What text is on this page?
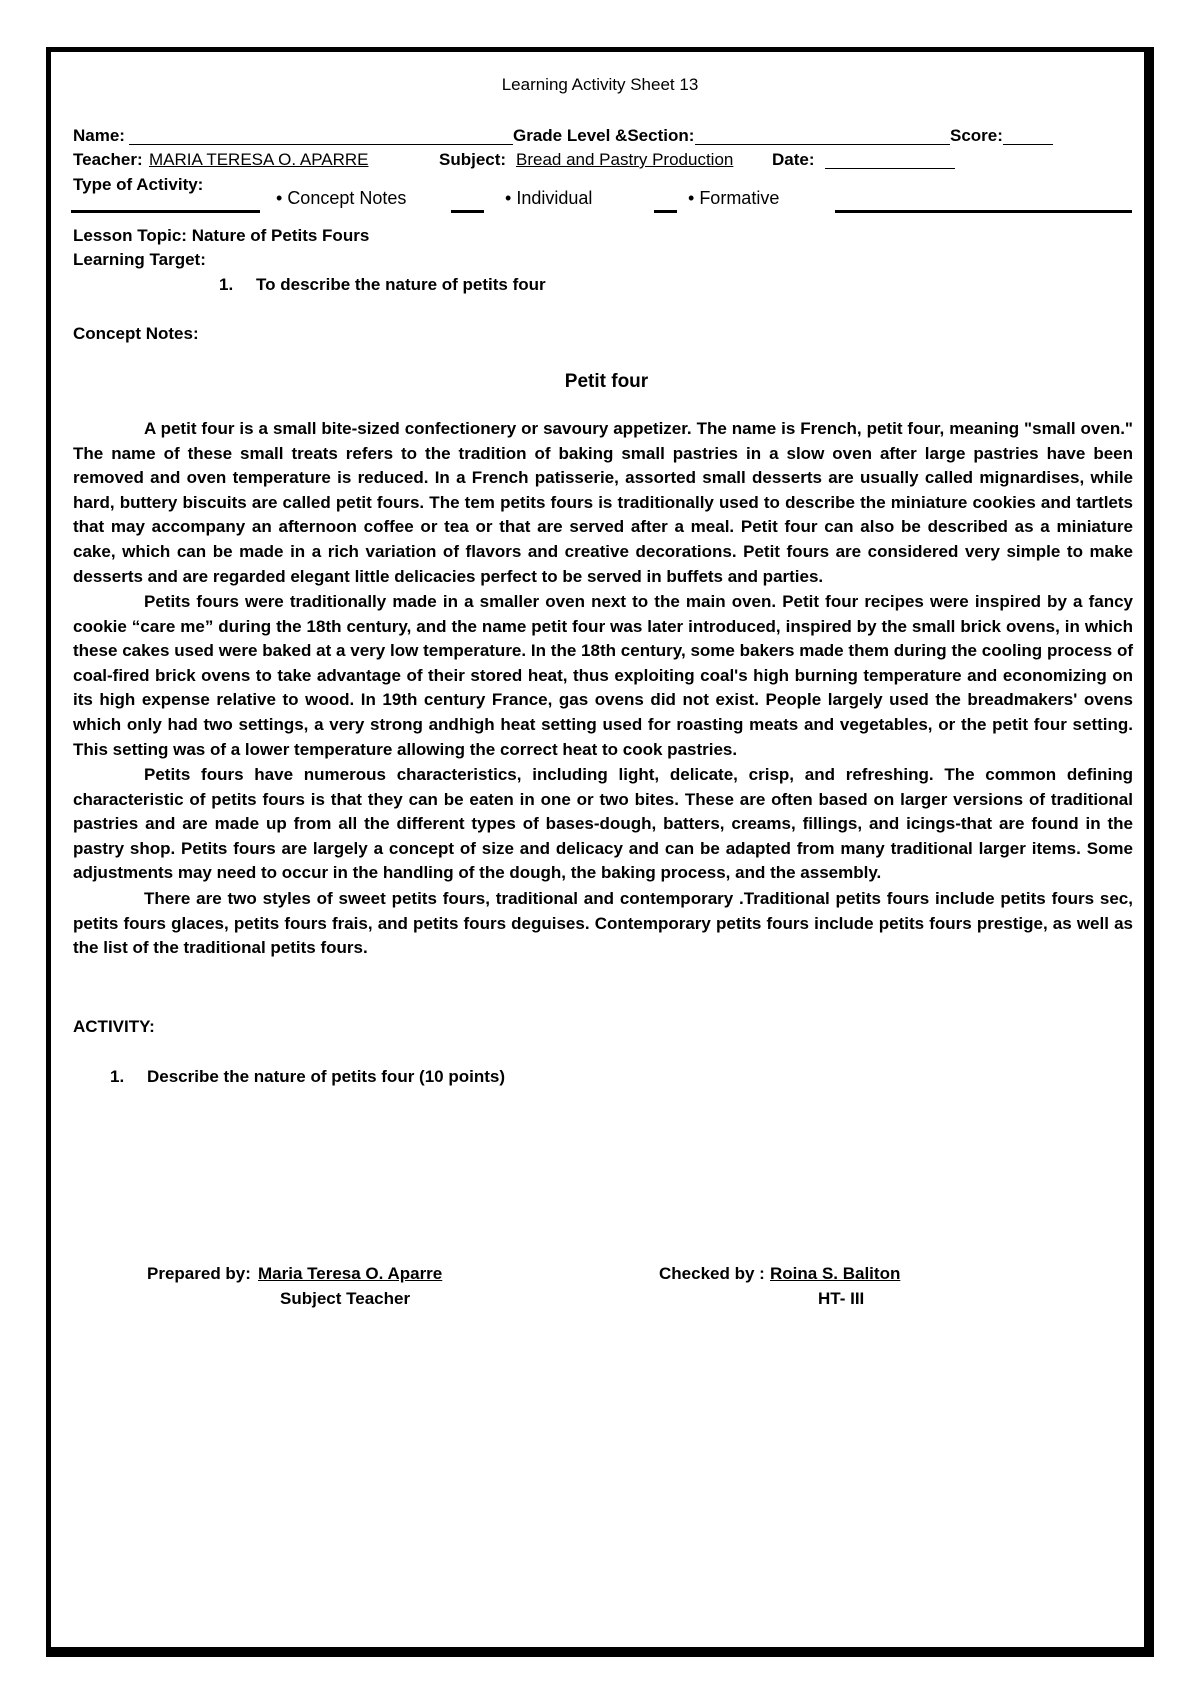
Learning Activity Sheet 13
Name:	Grade Level &Section:	Score:
Teacher: MARIA TERESA O. APARRE	Subject: Bread and Pastry Production Date:
Type of Activity:
• Concept Notes	• Individual	• Formative
Lesson Topic: Nature of Petits Fours
Learning Target:
1. To describe the nature of petits four
Concept Notes:
Petit four

A petit four is a small bite-sized confectionery or savoury appetizer. The name is French, petit four, meaning "small oven." The name of these small treats refers to the tradition of baking small pastries in a slow oven after large pastries have been removed and oven temperature is reduced. In a French patisserie, assorted small desserts are usually called mignardises, while hard, buttery biscuits are called petit fours. The tem petits fours is traditionally used to describe the miniature cookies and tartlets that may accompany an afternoon coffee or tea or that are served after a meal. Petit four can also be described as a miniature cake, which can be made in a rich variation of flavors and creative decorations. Petit fours are considered very simple to make desserts and are regarded elegant little delicacies perfect to be served in buffets and parties.

Petits fours were traditionally made in a smaller oven next to the main oven. Petit four recipes were inspired by a fancy cookie “care me” during the 18th century, and the name petit four was later introduced, inspired by the small brick ovens, in which these cakes used were baked at a very low temperature. In the 18th century, some bakers made them during the cooling process of coal-fired brick ovens to take advantage of their stored heat, thus exploiting coal's high burning temperature and economizing on its high expense relative to wood. In 19th century France, gas ovens did not exist. People largely used the breadmakers' ovens which only had two settings, a very strong andhigh heat setting used for roasting meats and vegetables, or the petit four setting. This setting was of a lower temperature allowing the correct heat to cook pastries.

Petits fours have numerous characteristics, including light, delicate, crisp, and refreshing. The common defining characteristic of petits fours is that they can be eaten in one or two bites. These are often based on larger versions of traditional pastries and are made up from all the different types of bases-dough, batters, creams, fillings, and icings-that are found in the pastry shop. Petits fours are largely a concept of size and delicacy and can be adapted from many traditional larger items. Some adjustments may need to occur in the handling of the dough, the baking process, and the assembly.

There are two styles of sweet petits fours, traditional and contemporary .Traditional petits fours include petits fours sec, petits fours glaces, petits fours frais, and petits fours deguises. Contemporary petits fours include petits fours prestige, as well as the list of the traditional petits fours.

ACTIVITY:
1. Describe the nature of petits four (10 points)
Prepared by: Maria Teresa O. Aparre
Subject Teacher
Checked by : Roina S. Baliton
HT- III
